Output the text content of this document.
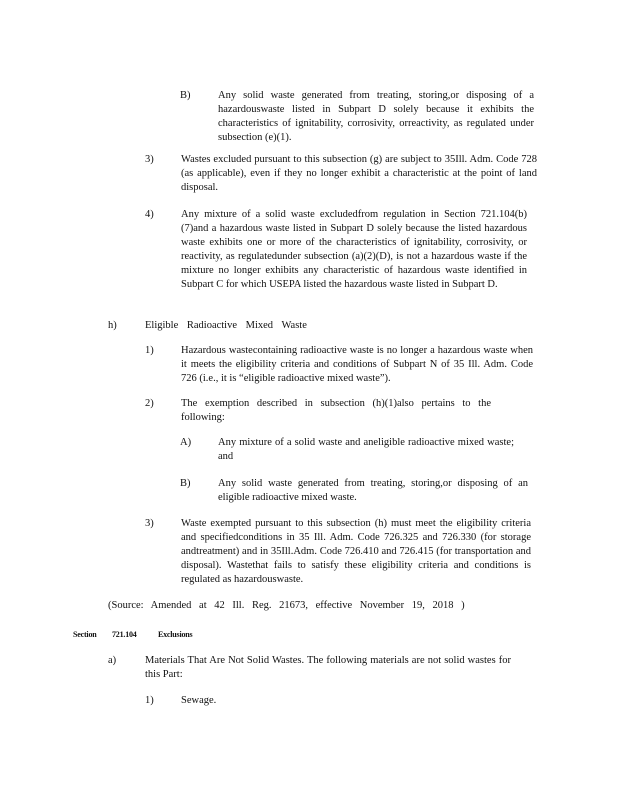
B)	Any solid waste generated from treating, storing,or disposing of a hazardouswaste listed in Subpart D solely because it exhibits the characteristics of ignitability, corrosivity, orreactivity, as regulated under subsection (e)(1).
3)	Wastes excluded pursuant to this subsection (g) are subject to 35Ill. Adm. Code 728 (as applicable), even if they no longer exhibit a characteristic at the point of land disposal.
4)	Any mixture of a solid waste excludedfrom regulation in Section 721.104(b)(7)and a hazardous waste listed in Subpart D solely because the listed hazardous waste exhibits one or more of the characteristics of ignitability, corrosivity, or reactivity, as regulatedunder subsection (a)(2)(D), is not a hazardous waste if the mixture no longer exhibits any characteristic of hazardous waste identified in Subpart C for which USEPA listed the hazardous waste listed in Subpart D.
h)	Eligible Radioactive Mixed Waste
1)	Hazardous wastecontaining radioactive waste is no longer a hazardous waste when it meets the eligibility criteria and conditions of Subpart N of 35 Ill. Adm. Code 726 (i.e., it is “eligible radioactive mixed waste”).
2)	The exemption described in subsection (h)(1)also pertains to the following:
A)	Any mixture of a solid waste and aneligible radioactive mixed waste; and
B)	Any solid waste generated from treating, storing,or disposing of an eligible radioactive mixed waste.
3)	Waste exempted pursuant to this subsection (h) must meet the eligibility criteria and specifiedconditions in 35 Ill. Adm. Code 726.325 and 726.330 (for storage andtreatment) and in 35Ill.Adm. Code 726.410 and 726.415 (for transportation and disposal). Wastethat fails to satisfy these eligibility criteria and conditions is regulated as hazardouswaste.
(Source: Amended at 42 Ill. Reg. 21673, effective November 19, 2018 )
Section 721.104	Exclusions
a)	Materials That Are Not Solid Wastes. The following materials are not solid wastes for this Part:
1)	Sewage.
